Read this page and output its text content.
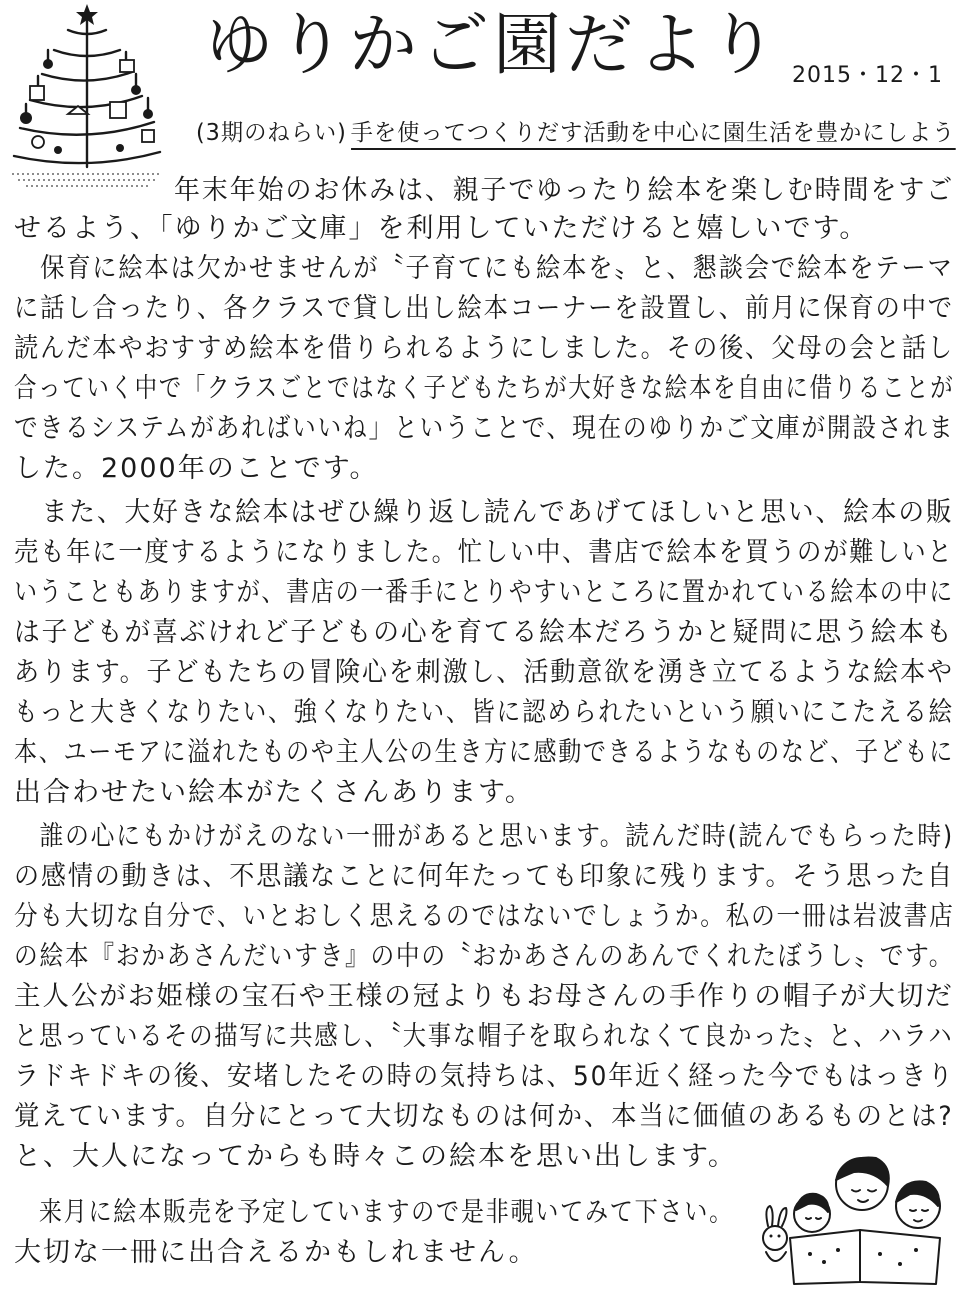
ゆりかご園だより 2015・12・1
(3期のねらい) 手を使ってつくりだす活動を中心に園生活を豊かにしよう
年末年始のお休みは、親子でゆったり絵本を楽しむ時間をすご
せるよう、「ゆりかご文庫」を利用していただけると嬉しいです。
　保育に絵本は欠かせませんが〝子育てにも絵本を〟と、懇談会で絵本をテーマ
に話し合ったり、各クラスで貸し出し絵本コーナーを設置し、前月に保育の中で
読んだ本やおすすめ絵本を借りられるようにしました。その後、父母の会と話し
合っていく中で「クラスごとではなく子どもたちが大好きな絵本を自由に借りることが
できるシステムがあればいいね」ということで、現在のゆりかご文庫が開設されま
した。2000年のことです。
　また、大好きな絵本はぜひ繰り返し読んであげてほしいと思い、絵本の販
売も年に一度するようになりました。忙しい中、書店で絵本を買うのが難しいと
いうこともありますが、書店の一番手にとりやすいところに置かれている絵本の中に
は子どもが喜ぶけれど子どもの心を育てる絵本だろうかと疑問に思う絵本も
あります。子どもたちの冒険心を刺激し、活動意欲を湧き立てるような絵本や
もっと大きくなりたい、強くなりたい、皆に認められたいという願いにこたえる絵
本、ユーモアに溢れたものや主人公の生き方に感動できるようなものなど、子どもに
出合わせたい絵本がたくさんあります。
　誰の心にもかけがえのない一冊があると思います。読んだ時(読んでもらった時)
の感情の動きは、不思議なことに何年たっても印象に残ります。そう思った自
分も大切な自分で、いとおしく思えるのではないでしょうか。私の一冊は岩波書店
の絵本『おかあさんだいすき』の中の〝おかあさんのあんでくれたぼうし〟です。
主人公がお姫様の宝石や王様の冠よりもお母さんの手作りの帽子が大切だ
と思っているその描写に共感し、〝大事な帽子を取られなくて良かった〟と、ハラハ
ラドキドキの後、安堵したその時の気持ちは、50年近く経った今でもはっきり
覚えています。自分にとって大切なものは何か、本当に価値のあるものとは?
と、大人になってからも時々この絵本を思い出します。
　来月に絵本販売を予定していますので是非覗いてみて下さい。
大切な一冊に出合えるかもしれません。
